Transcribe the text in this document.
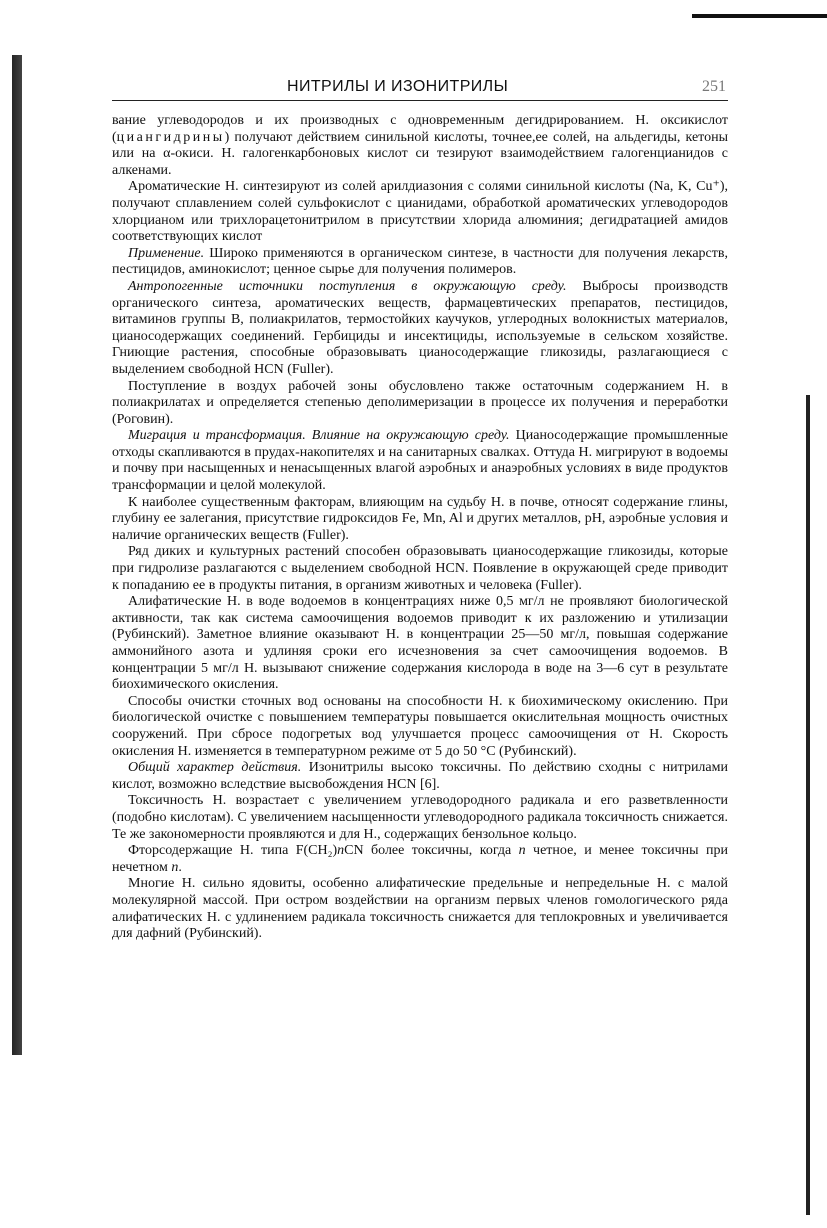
НИТРИЛЫ И ИЗОНИТРИЛЫ	251

вание углеводородов и их производных с одновременным дегидрированием. Н. оксикислот (циангидрины) получают действием синильной кислоты, точнее,ее солей, на альдегиды, кетоны или на α-окиси. Н. галогенкарбоновых кислот си тезируют взаимодействием галогенцианидов с алкенами.

Ароматические Н. синтезируют из солей арилдиазония с солями синильной кислоты (Na, K, Cu⁺), получают сплавлением солей сульфокислот с цианидами, обработкой ароматических углеводородов хлорцианом или трихлорацетонитрилом в присутствии хлорида алюминия; дегидратацией амидов соответствующих кислот

Применение. Широко применяются в органическом синтезе, в частности для получения лекарств, пестицидов, аминокислот; ценное сырье для получения полимеров.

Антропогенные источники поступления в окружающую среду. Выбросы производств органического синтеза, ароматических веществ, фармацевтических препаратов, пестицидов, витаминов группы B, полиакрилатов, термостойких каучуков, углеродных волокнистых материалов, цианосодержащих соединений. Гербициды и инсектициды, используемые в сельском хозяйстве. Гниющие растения, способные образовывать цианосодержащие гликозиды, разлагающиеся с выделением свободной HCN (Fuller).

Поступление в воздух рабочей зоны обусловлено также остаточным содержанием Н. в полиакрилатах и определяется степенью деполимеризации в процессе их получения и переработки (Роговин).

Миграция и трансформация. Влияние на окружающую среду. Цианосодержащие промышленные отходы скапливаются в прудах-накопителях и на санитарных свалках. Оттуда Н. мигрируют в водоемы и почву при насыщенных и ненасыщенных влагой аэробных и анаэробных условиях в виде продуктов трансформации и целой молекулой.

К наиболее существенным факторам, влияющим на судьбу Н. в почве, относят содержание глины, глубину ее залегания, присутствие гидроксидов Fe, Mn, Al и других металлов, pH, аэробные условия и наличие органических веществ (Fuller).

Ряд диких и культурных растений способен образовывать цианосодержащие гликозиды, которые при гидролизе разлагаются с выделением свободной HCN. Появление в окружающей среде приводит к попаданию ее в продукты питания, в организм животных и человека (Fuller).

Алифатические Н. в воде водоемов в концентрациях ниже 0,5 мг/л не проявляют биологической активности, так как система самоочищения водоемов приводит к их разложению и утилизации (Рубинский). Заметное влияние оказывают Н. в концентрации 25—50 мг/л, повышая содержание аммонийного азота и удлиняя сроки его исчезновения за счет самоочищения водоемов. В концентрации 5 мг/л Н. вызывают снижение содержания кислорода в воде на 3—6 сут в результате биохимического окисления.

Способы очистки сточных вод основаны на способности Н. к биохимическому окислению. При биологической очистке с повышением температуры повышается окислительная мощность очистных сооружений. При сбросе подогретых вод улучшается процесс самоочищения от Н. Скорость окисления Н. изменяется в температурном режиме от 5 до 50 °С (Рубинский).

Общий характер действия. Изонитрилы высоко токсичны. По действию сходны с нитрилами кислот, возможно вследствие высвобождения HCN [6].

Токсичность Н. возрастает с увеличением углеводородного радикала и его разветвленности (подобно кислотам). С увеличением насыщенности углеводородного радикала токсичность снижается. Те же закономерности проявляются и для Н., содержащих бензольное кольцо.

Фторсодержащие Н. типа F(CH₂)nCN более токсичны, когда n четное, и менее токсичны при нечетном n.

Многие Н. сильно ядовиты, особенно алифатические предельные и непредельные Н. с малой молекулярной массой. При остром воздействии на организм первых членов гомологического ряда алифатических Н. с удлинением радикала токсичность снижается для теплокровных и увеличивается для дафний (Рубинский).
